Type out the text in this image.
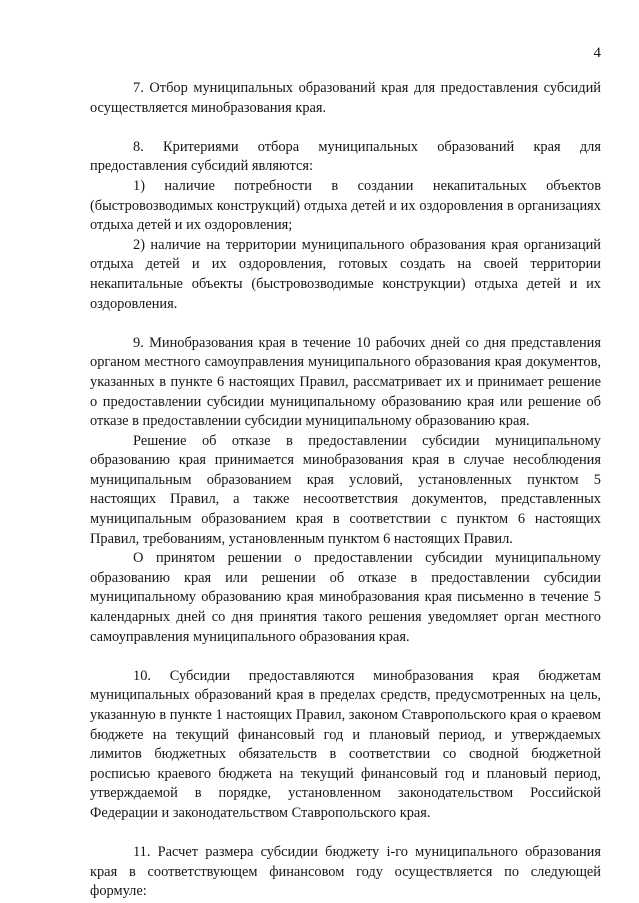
4

7. Отбор муниципальных образований края для предоставления субсидий осуществляется минобразования края.

8. Критериями отбора муниципальных образований края для предоставления субсидий являются:

1) наличие потребности в создании некапитальных объектов (быстровозводимых конструкций) отдыха детей и их оздоровления в организациях отдыха детей и их оздоровления;

2) наличие на территории муниципального образования края организаций отдыха детей и их оздоровления, готовых создать на своей территории некапитальные объекты (быстровозводимые конструкции) отдыха детей и их оздоровления.

9. Минобразования края в течение 10 рабочих дней со дня представления органом местного самоуправления муниципального образования края документов, указанных в пункте 6 настоящих Правил, рассматривает их и принимает решение о предоставлении субсидии муниципальному образованию края или решение об отказе в предоставлении субсидии муниципальному образованию края.

Решение об отказе в предоставлении субсидии муниципальному образованию края принимается минобразования края в случае несоблюдения муниципальным образованием края условий, установленных пунктом 5 настоящих Правил, а также несоответствия документов, представленных муниципальным образованием края в соответствии с пунктом 6 настоящих Правил, требованиям, установленным пунктом 6 настоящих Правил.

О принятом решении о предоставлении субсидии муниципальному образованию края или решении об отказе в предоставлении субсидии муниципальному образованию края минобразования края письменно в течение 5 календарных дней со дня принятия такого решения уведомляет орган местного самоуправления муниципального образования края.

10. Субсидии предоставляются минобразования края бюджетам муниципальных образований края в пределах средств, предусмотренных на цель, указанную в пункте 1 настоящих Правил, законом Ставропольского края о краевом бюджете на текущий финансовый год и плановый период, и утверждаемых лимитов бюджетных обязательств в соответствии со сводной бюджетной росписью краевого бюджета на текущий финансовый год и плановый период, утверждаемой в порядке, установленном законодательством Российской Федерации и законодательством Ставропольского края.

11. Расчет размера субсидии бюджету i-го муниципального образования края в соответствующем финансовом году осуществляется по следующей формуле:
